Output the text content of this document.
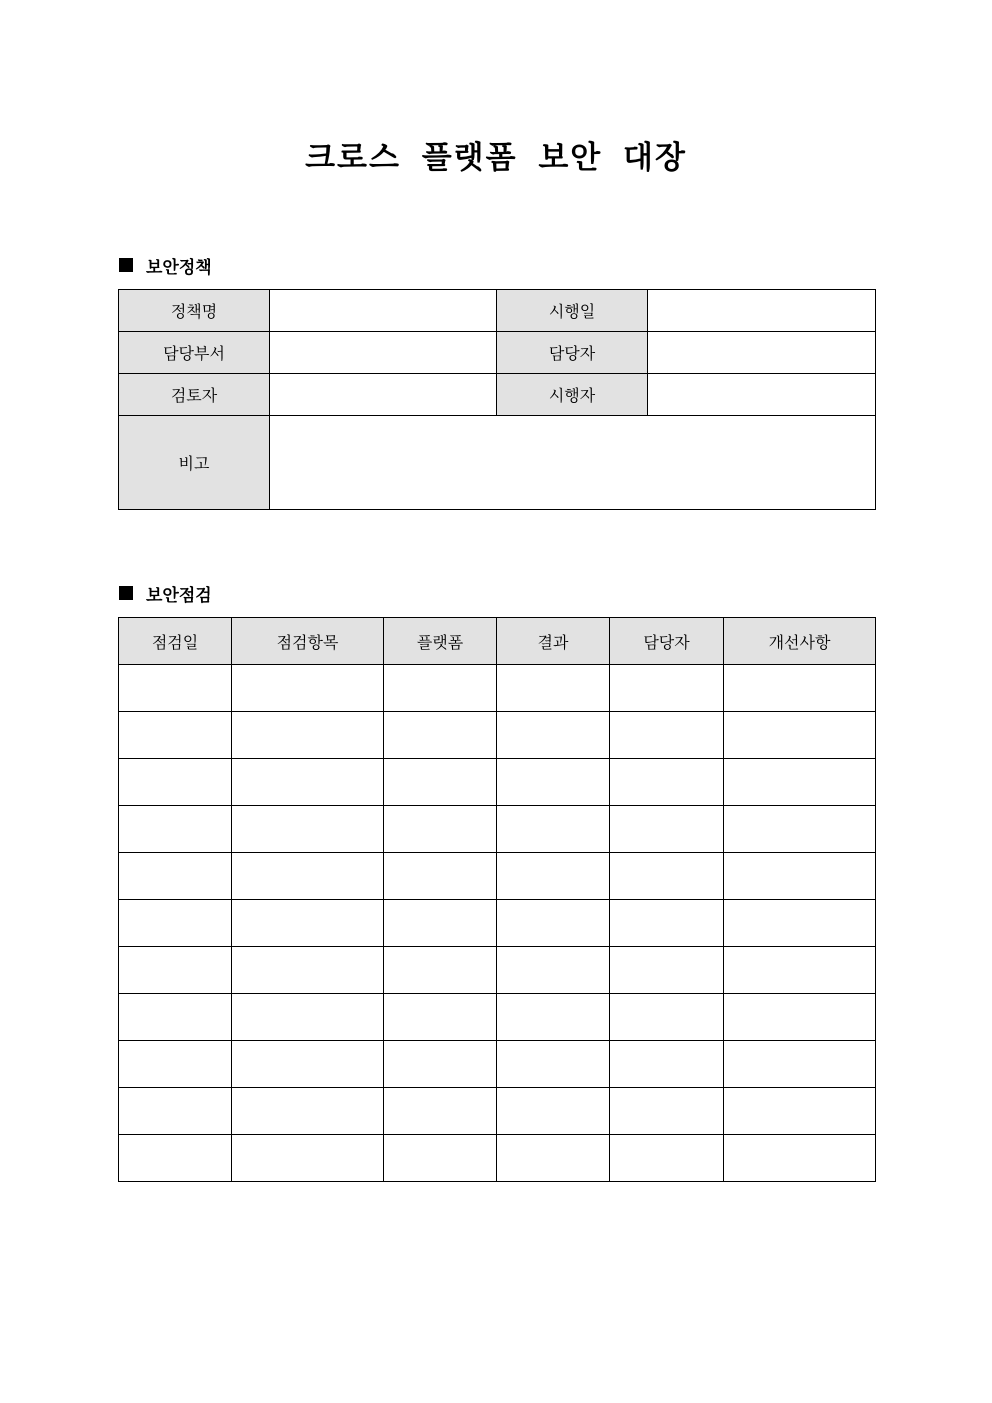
크로스 플랫폼 보안 대장
보안정책
정책명		시행일	
담당부서		담당자	
검토자		시행자	
비고			
보안점검
점검일	점검항목	플랫폼	결과	담당자	개선사항
